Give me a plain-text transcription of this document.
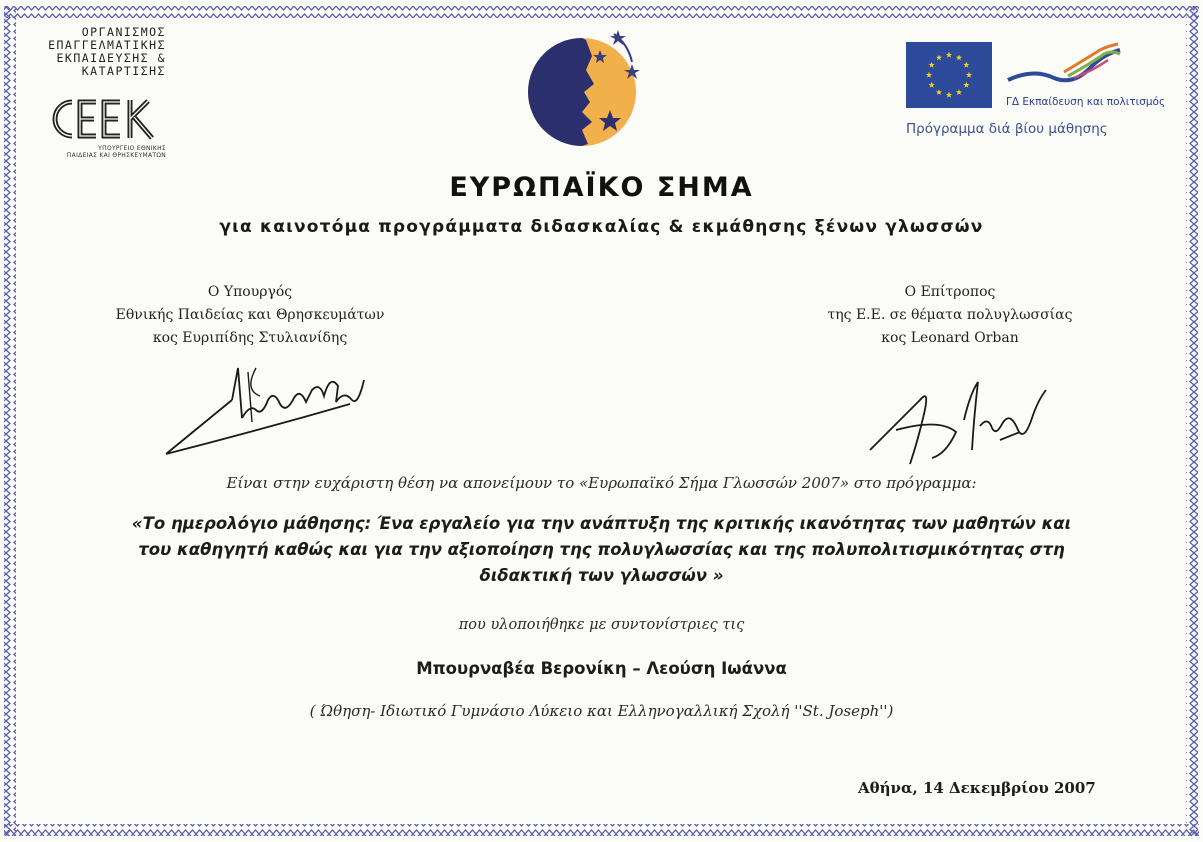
ΟΡΓΑΝΙΣΜΟΣ
ΕΠΑΓΓΕΛΜΑΤΙΚΗΣ
ΕΚΠΑΙΔΕΥΣΗΣ &
ΚΑΤΑΡΤΙΣΗΣ
ΥΠΟΥΡΓΕΙΟ ΕΘΝΙΚΗΣ
ΠΑΙΔΕΙΑΣ ΚΑΙ ΘΡΗΣΚΕΥΜΑΤΩΝ
ΓΔ Εκπαίδευση και πολιτισμός
Πρόγραμμα διά βίου μάθησης
ΕΥΡΩΠΑΪΚΟ ΣΗΜΑ
για καινοτόμα προγράμματα διδασκαλίας & εκμάθησης ξένων γλωσσών
Ο Υπουργός
Εθνικής Παιδείας και Θρησκευμάτων
κος Ευριπίδης Στυλιανίδης
Ο Επίτροπος
της Ε.Ε. σε θέματα πολυγλωσσίας
κος Leonard Orban
Είναι στην ευχάριστη θέση να απονείμουν το «Ευρωπαϊκό Σήμα Γλωσσών 2007» στο πρόγραμμα:
«Το ημερολόγιο μάθησης: Ένα εργαλείο για την ανάπτυξη της κριτικής ικανότητας των μαθητών και
του καθηγητή καθώς και για την αξιοποίηση της πολυγλωσσίας και της πολυπολιτισμικότητας στη
διδακτική των γλωσσών »
που υλοποιήθηκε με συντονίστριες τις
Μπουρναβέα Βερονίκη – Λεούση Ιωάννα
( Ώθηση- Ιδιωτικό Γυμνάσιο Λύκειο και Ελληνογαλλική Σχολή ''St. Joseph'')
Αθήνα, 14 Δεκεμβρίου 2007
